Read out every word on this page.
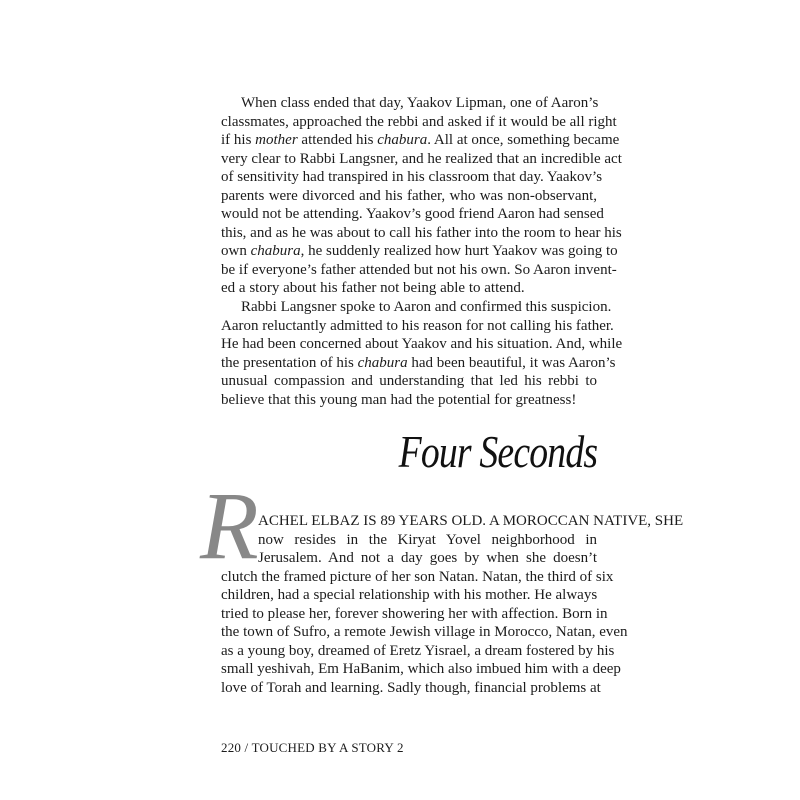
When class ended that day, Yaakov Lipman, one of Aaron’s
classmates, approached the rebbi and asked if it would be all right
if his mother attended his chabura. All at once, something became
very clear to Rabbi Langsner, and he realized that an incredible act
of sensitivity had transpired in his classroom that day. Yaakov’s
parents were divorced and his father, who was non-observant,
would not be attending. Yaakov’s good friend Aaron had sensed
this, and as he was about to call his father into the room to hear his
own chabura, he suddenly realized how hurt Yaakov was going to
be if everyone’s father attended but not his own. So Aaron invent-
ed a story about his father not being able to attend.
Rabbi Langsner spoke to Aaron and confirmed this suspicion.
Aaron reluctantly admitted to his reason for not calling his father.
He had been concerned about Yaakov and his situation. And, while
the presentation of his chabura had been beautiful, it was Aaron’s
unusual compassion and understanding that led his rebbi to
believe that this young man had the potential for greatness!
Four Seconds
R ACHEL ELBAZ IS 89 YEARS OLD. A MOROCCAN NATIVE, SHE
now resides in the Kiryat Yovel neighborhood in
Jerusalem. And not a day goes by when she doesn’t
clutch the framed picture of her son Natan. Natan, the third of six
children, had a special relationship with his mother. He always
tried to please her, forever showering her with affection. Born in
the town of Sufro, a remote Jewish village in Morocco, Natan, even
as a young boy, dreamed of Eretz Yisrael, a dream fostered by his
small yeshivah, Em HaBanim, which also imbued him with a deep
love of Torah and learning. Sadly though, financial problems at
220 / TOUCHED BY A STORY 2
